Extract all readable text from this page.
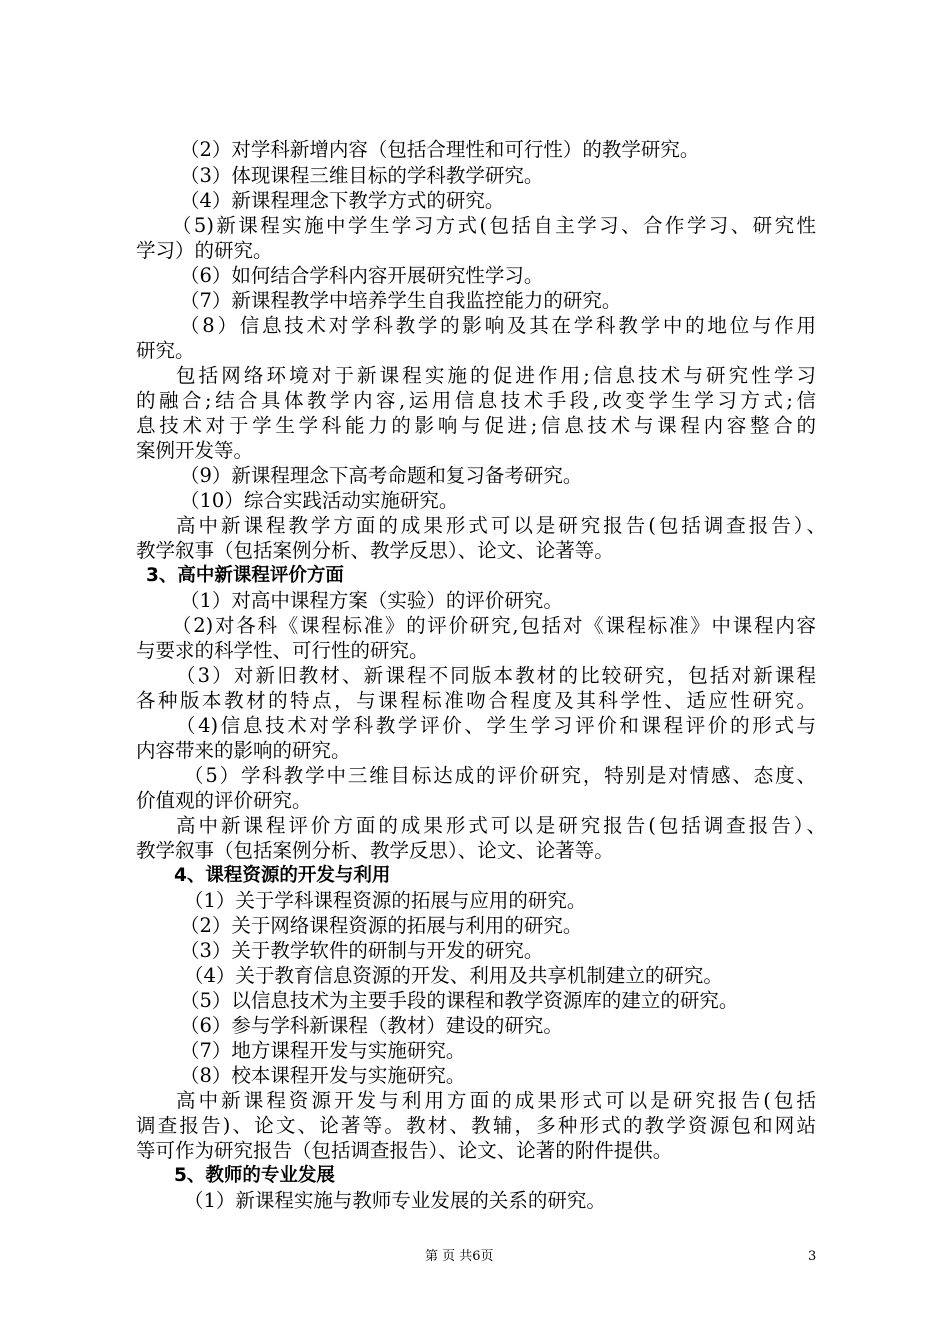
（2）对学科新增内容（包括合理性和可行性）的教学研究。
（3）体现课程三维目标的学科教学研究。
（4）新课程理念下教学方式的研究。
（5)新课程实施中学生学习方式(包括自主学习、合作学习、研究性
学习）的研究。
（6）如何结合学科内容开展研究性学习。
（7）新课程教学中培养学生自我监控能力的研究。
（8）信息技术对学科教学的影响及其在学科教学中的地位与作用
研究。
包括网络环境对于新课程实施的促进作用;信息技术与研究性学习
的融合;结合具体教学内容,运用信息技术手段,改变学生学习方式;信
息技术对于学生学科能力的影响与促进;信息技术与课程内容整合的
案例开发等。
（9）新课程理念下高考命题和复习备考研究。
（10）综合实践活动实施研究。
高中新课程教学方面的成果形式可以是研究报告(包括调查报告）、
教学叙事（包括案例分析、教学反思）、论文、论著等。
3、高中新课程评价方面
（1）对高中课程方案（实验）的评价研究。
（2)对各科《课程标准》的评价研究,包括对《课程标准》中课程内容
与要求的科学性、可行性的研究。
（3）对新旧教材、新课程不同版本教材的比较研究，包括对新课程
各种版本教材的特点，与课程标准吻合程度及其科学性、适应性研究。
（4)信息技术对学科教学评价、学生学习评价和课程评价的形式与
内容带来的影响的研究。
（5）学科教学中三维目标达成的评价研究，特别是对情感、态度、
价值观的评价研究。
高中新课程评价方面的成果形式可以是研究报告(包括调查报告）、
教学叙事（包括案例分析、教学反思）、论文、论著等。
4、课程资源的开发与利用
（1）关于学科课程资源的拓展与应用的研究。
（2）关于网络课程资源的拓展与利用的研究。
（3）关于教学软件的研制与开发的研究。
（4）关于教育信息资源的开发、利用及共享机制建立的研究。
（5）以信息技术为主要手段的课程和教学资源库的建立的研究。
（6）参与学科新课程（教材）建设的研究。
（7）地方课程开发与实施研究。
（8）校本课程开发与实施研究。
高中新课程资源开发与利用方面的成果形式可以是研究报告(包括
调查报告)、论文、论著等。教材、教辅，多种形式的教学资源包和网站
等可作为研究报告（包括调查报告）、论文、论著的附件提供。
5、教师的专业发展
（1）新课程实施与教师专业发展的关系的研究。
第 页 共6页	3
